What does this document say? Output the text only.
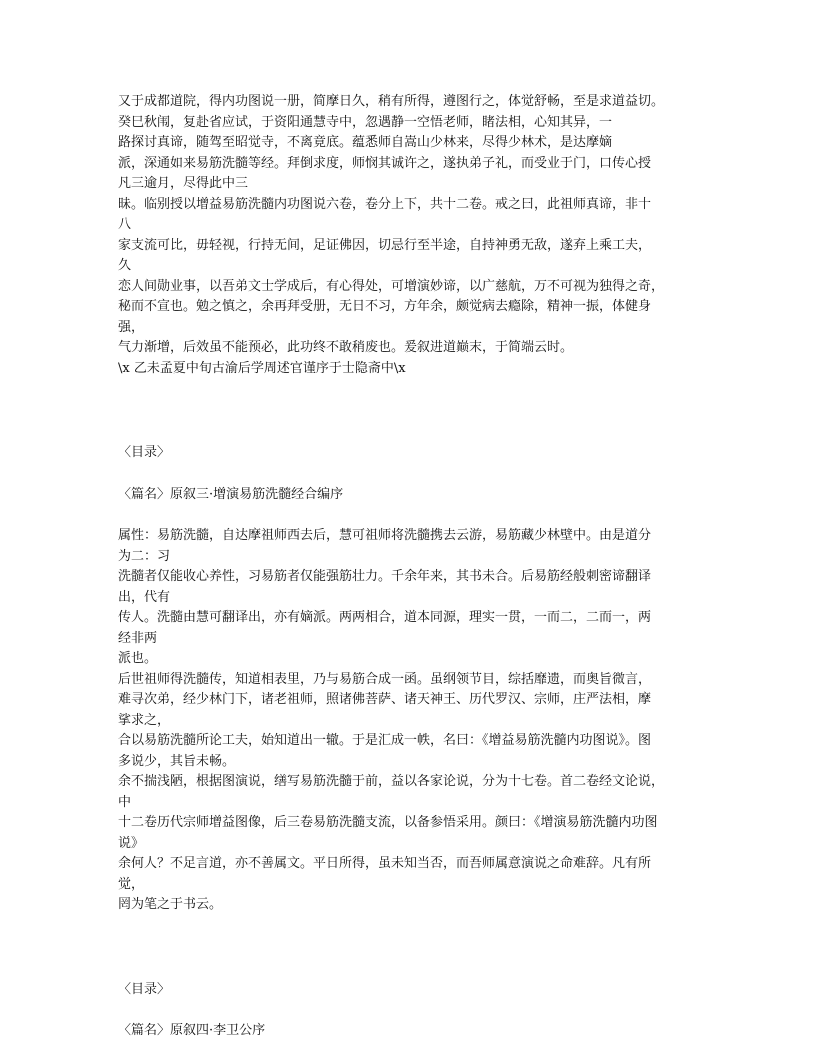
又于成都道院，得内功图说一册，简摩日久，稍有所得，遵图行之，体觉舒畅，至是求道益切。

癸巳秋闱，复赴省应试，于资阳通慧寺中，忽遇静一空悟老师，睹法相，心知其异，一

路探讨真谛，随驾至昭觉寺，不离竟底。蕴悉师自嵩山少林来，尽得少林术，是达摩嫡

派，深通如来易筋洗髓等经。拜倒求度，师悯其诚许之，遂执弟子礼，而受业于门，口传心授

凡三逾月，尽得此中三

昧。临别授以增益易筋洗髓内功图说六卷，卷分上下，共十二卷。戒之曰，此祖师真谛，非十

八

家支流可比，毋轻视，行持无间，足证佛因，切忌行至半途，自持神勇无敌，遂弃上乘工夫，

久

恋人间勋业事，以吾弟文士学成后，有心得处，可增演妙谛，以广慈航，万不可视为独得之奇，

秘而不宣也。勉之慎之，余再拜受册，无日不习，方年余，颇觉病去瘾除，精神一振，体健身

强，

气力渐增，后效虽不能预必，此功终不敢稍废也。爰叙进道巅末，于简端云时。

\x 乙未孟夏中旬古渝后学周述官谨序于士隐斋中\x

〈目录〉

〈篇名〉原叙三·增演易筋洗髓经合编序

属性：易筋洗髓，自达摩祖师西去后，慧可祖师将洗髓携去云游，易筋藏少林壁中。由是道分

为二：习

洗髓者仅能收心养性，习易筋者仅能强筋壮力。千余年来，其书未合。后易筋经般刺密谛翻译

出，代有

传人。洗髓由慧可翻译出，亦有嫡派。两两相合，道本同源，理实一贯，一而二，二而一，两

经非两

派也。

后世祖师得洗髓传，知道相表里，乃与易筋合成一函。虽纲领节目，综括靡遗，而奥旨微言，

难寻次弟，经少林门下，诸老祖师，照诸佛菩萨、诸天神王、历代罗汉、宗师，庄严法相，摩

挲求之，

合以易筋洗髓所论工夫，始知道出一辙。于是汇成一帙，名曰：《增益易筋洗髓内功图说》。图

多说少，其旨未畅。

余不揣浅陋，根据图演说，缮写易筋洗髓于前，益以各家论说，分为十七卷。首二卷经文论说，

中

十二卷历代宗师增益图像，后三卷易筋洗髓支流，以备参悟采用。颜曰：《增演易筋洗髓内功图

说》

余何人？不足言道，亦不善属文。平日所得，虽未知当否，而吾师属意演说之命难辞。凡有所

觉，

罔为笔之于书云。

〈目录〉

〈篇名〉原叙四·李卫公序
